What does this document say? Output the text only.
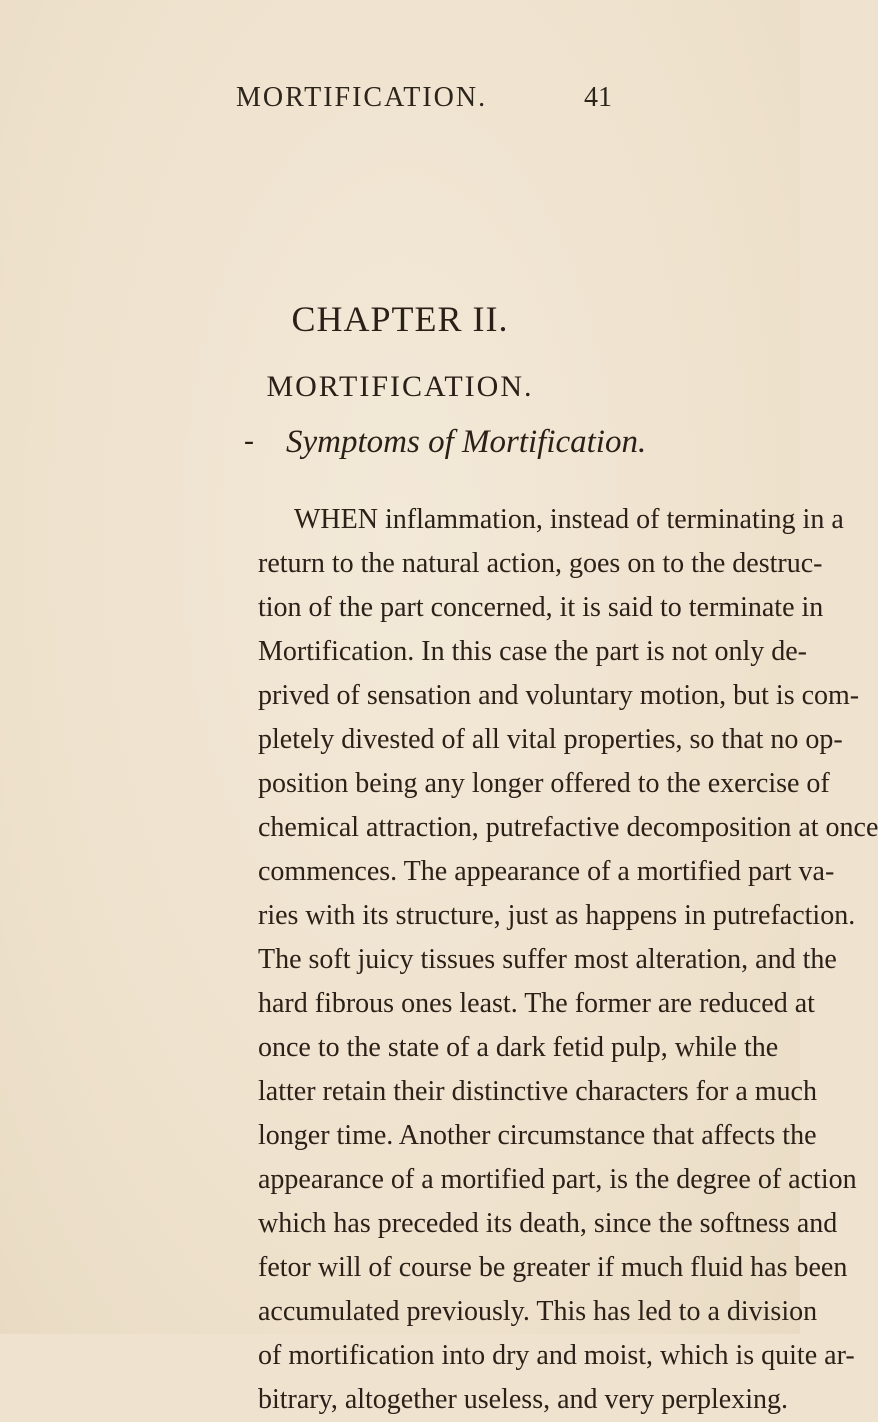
MORTIFICATION.	41
CHAPTER II.
MORTIFICATION.
- Symptoms of Mortification.
WHEN inflammation, instead of terminating in a
return to the natural action, goes on to the destruc-
tion of the part concerned, it is said to terminate in
Mortification. In this case the part is not only de-
prived of sensation and voluntary motion, but is com-
pletely divested of all vital properties, so that no op-
position being any longer offered to the exercise of
chemical attraction, putrefactive decomposition at once
commences. The appearance of a mortified part va-
ries with its structure, just as happens in putrefaction.
The soft juicy tissues suffer most alteration, and the
hard fibrous ones least. The former are reduced at
once to the state of a dark fetid pulp, while the
latter retain their distinctive characters for a much
longer time. Another circumstance that affects the
appearance of a mortified part, is the degree of action
which has preceded its death, since the softness and
fetor will of course be greater if much fluid has been
accumulated previously. This has led to a division
of mortification into dry and moist, which is quite ar-
bitrary, altogether useless, and very perplexing.
